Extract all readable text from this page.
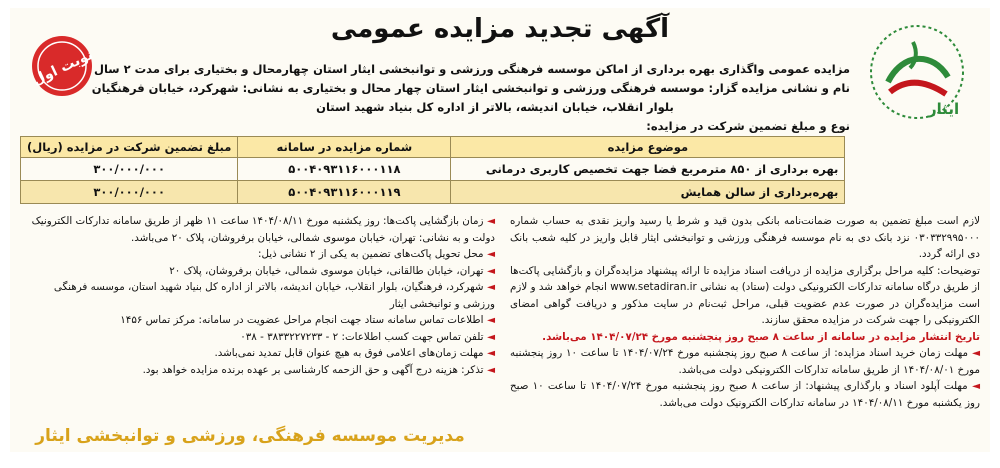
ایثار
نوبت اول
آگهی تجدید مزایده عمومی
مزایده عمومی واگذاری بهره برداری از اماکن موسسه فرهنگی ورزشی و توانبخشی ایثار استان چهارمحال و بختیاری برای مدت ۲ سال
نام و نشانی مزایده گزار: موسسه فرهنگی ورزشی و توانبخشی ایثار استان چهار محال و بختیاری به نشانی: شهرکرد، خیابان فرهنگیان
بلوار انقلاب، خیابان اندیشه، بالاتر از اداره کل بنیاد شهید استان
نوع و مبلغ تضمین شرکت در مزایده:
موضوع مزایده	شماره مزایده در سامانه	مبلغ تضمین شرکت در مزایده (ریال)
بهره برداری از ۸۵۰ مترمربع فضا جهت تخصیص کاربری درمانی	۵۰۰۴۰۹۳۱۱۶۰۰۰۱۱۸	۳۰۰/۰۰۰/۰۰۰
بهره‌برداری از سالن همایش	۵۰۰۴۰۹۳۱۱۶۰۰۰۱۱۹	۳۰۰/۰۰۰/۰۰۰

لازم است مبلغ تضمین به صورت ضمانت‌نامه بانکی بدون قید و شرط یا رسید واریز نقدی به حساب شماره ۰۳۰۳۳۲۹۹۵۰۰۰ نزد بانک دی به نام موسسه فرهنگی ورزشی و توانبخشی ایثار قابل واریز در کلیه شعب بانک دی ارائه گردد.

توضیحات: کلیه مراحل برگزاری مزایده از دریافت اسناد مزایده تا ارائه پیشنهاد مزایده‌گران و بازگشایی پاکت‌ها از طریق درگاه سامانه تدارکات الکترونیکی دولت (ستاد) به نشانی www.setadiran.ir انجام خواهد شد و لازم است مزایده‌گران در صورت عدم عضویت قبلی، مراحل ثبت‌نام در سایت مذکور و دریافت گواهی امضای الکترونیکی را جهت شرکت در مزایده محقق سازند.

تاریخ انتشار مزایده در سامانه از ساعت ۸ صبح روز پنجشنبه مورخ ۱۴۰۴/۰۷/۲۴ می‌باشد.

◄ مهلت زمان خرید اسناد مزایده: از ساعت ۸ صبح روز پنجشنبه مورخ ۱۴۰۴/۰۷/۲۴ تا ساعت ۱۰ روز پنجشنبه مورخ ۱۴۰۴/۰۸/۰۱ از طریق سامانه تدارکات الکترونیکی دولت می‌باشد.

◄ مهلت آپلود اسناد و بارگذاری پیشنهاد: از ساعت ۸ صبح روز پنجشنبه مورخ ۱۴۰۴/۰۷/۲۴ تا ساعت ۱۰ صبح روز یکشنبه مورخ ۱۴۰۴/۰۸/۱۱ در سامانه تدارکات الکترونیک دولت می‌باشد.

◄ زمان بازگشایی پاکت‌ها: روز یکشنبه مورخ ۱۴۰۴/۰۸/۱۱ ساعت ۱۱ ظهر از طریق سامانه تدارکات الکترونیک دولت و به نشانی: تهران، خیابان موسوی شمالی، خیابان برفروشان، پلاک ۲۰ می‌باشد.

◄ محل تحویل پاکت‌های تضمین به یکی از ۲ نشانی ذیل:

◄ تهران، خیابان طالقانی، خیابان موسوی شمالی، خیابان برفروشان، پلاک ۲۰

◄ شهرکرد، فرهنگیان، بلوار انقلاب، خیابان اندیشه، بالاتر از اداره کل بنیاد شهید استان، موسسه فرهنگی ورزشی و توانبخشی ایثار

◄ اطلاعات تماس سامانه ستاد جهت انجام مراحل عضویت در سامانه: مرکز تماس ۱۴۵۶

◄ تلفن تماس جهت کسب اطلاعات: ۲ - ۳۸۳۳۲۲۷۲۳۳ - ۰۳۸

◄ مهلت زمان‌های اعلامی فوق به هیچ عنوان قابل تمدید نمی‌باشد.

◄ تذکر: هزینه درج آگهی و حق الزحمه کارشناسی بر عهده برنده مزایده خواهد بود.

مدیریت موسسه فرهنگی، ورزشی و توانبخشی ایثار
